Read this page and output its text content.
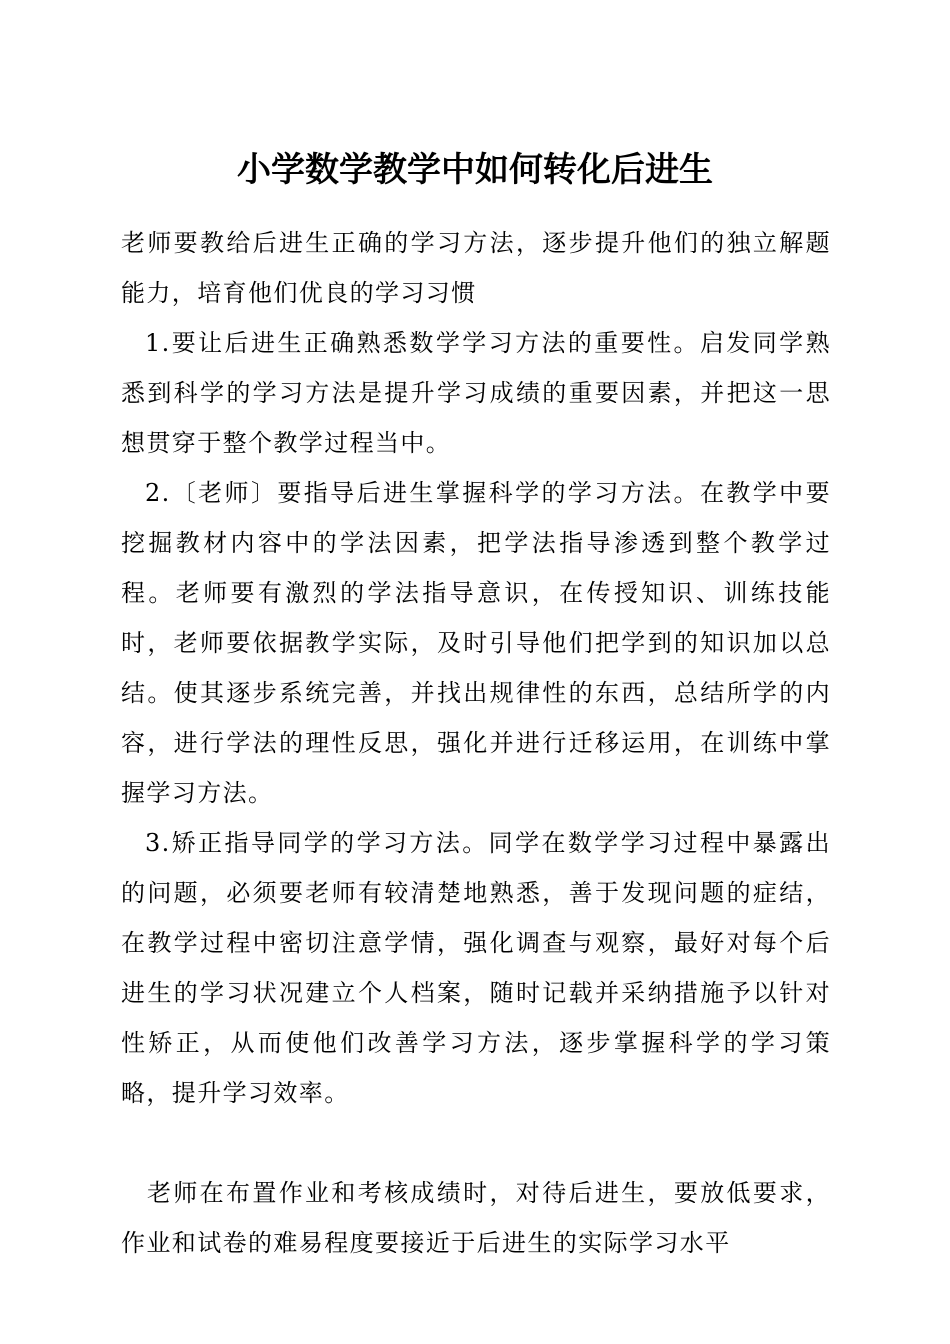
小学数学教学中如何转化后进生

老师要教给后进生正确的学习方法，逐步提升他们的独立解题能力，培育他们优良的学习习惯

1.要让后进生正确熟悉数学学习方法的重要性。启发同学熟悉到科学的学习方法是提升学习成绩的重要因素，并把这一思想贯穿于整个教学过程当中。

2.〔老师〕要指导后进生掌握科学的学习方法。在教学中要挖掘教材内容中的学法因素，把学法指导渗透到整个教学过程。老师要有激烈的学法指导意识，在传授知识、训练技能时，老师要依据教学实际，及时引导他们把学到的知识加以总结。使其逐步系统完善，并找出规律性的东西，总结所学的内容，进行学法的理性反思，强化并进行迁移运用，在训练中掌握学习方法。

3.矫正指导同学的学习方法。同学在数学学习过程中暴露出的问题，必须要老师有较清楚地熟悉，善于发现问题的症结，在教学过程中密切注意学情，强化调查与观察，最好对每个后进生的学习状况建立个人档案，随时记载并采纳措施予以针对性矫正，从而使他们改善学习方法，逐步掌握科学的学习策略，提升学习效率。

老师在布置作业和考核成绩时，对待后进生，要放低要求，作业和试卷的难易程度要接近于后进生的实际学习水平
